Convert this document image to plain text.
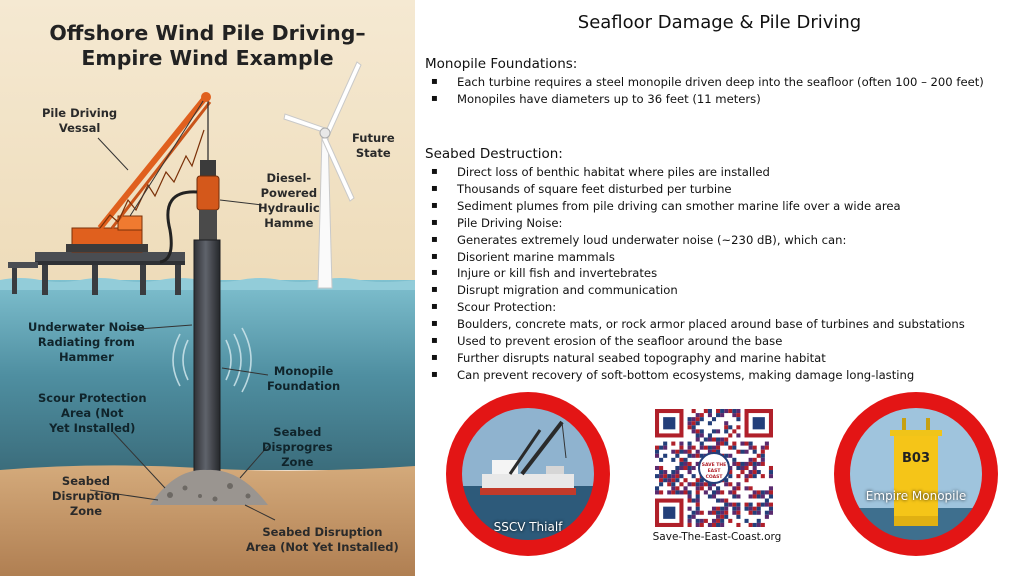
Offshore Wind Pile Driving–
Empire Wind Example
Pile Driving
Vessal
Diesel-
Powered
Hydraulic
Hamme
Future
State
Underwater Noise
Radiating from
Hammer
Monopile
Foundation
Scour Protection
Area (Not
Yet Installed)	Seabed
Disprogres
Zone
Seabed
Disruption
Zone
Seabed Disruption
Area (Not Yet Installed)
Seafloor Damage & Pile Driving
Monopile Foundations:
▪ Each turbine requires a steel monopile driven deep into the seafloor (often 100 – 200 feet)
▪ Monopiles have diameters up to 36 feet (11 meters)
Seabed Destruction:
▪ Direct loss of benthic habitat where piles are installed
▪ Thousands of square feet disturbed per turbine
▪ Sediment plumes from pile driving can smother marine life over a wide area
▪ Pile Driving Noise:
▪ Generates extremely loud underwater noise (~230 dB), which can:
▪ Disorient marine mammals
▪ Injure or kill fish and invertebrates
▪ Disrupt migration and communication
▪ Scour Protection:
▪ Boulders, concrete mats, or rock armor placed around base of turbines and substations
▪ Used to prevent erosion of the seafloor around the base
▪ Further disrupts natural seabed topography and marine habitat
▪ Can prevent recovery of soft-bottom ecosystems, making damage long-lasting
SSCV Thialf
SAVE THE EAST COAST
Save-The-East-Coast.org
B03
Empire Monopile
